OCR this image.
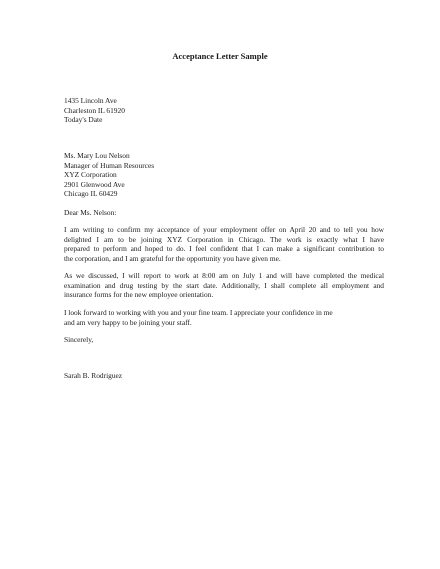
Acceptance Letter Sample
1435 Lincoln Ave
Charleston IL 61920
Today's Date
Ms. Mary Lou Nelson
Manager of Human Resources
XYZ Corporation
2901 Glenwood Ave
Chicago IL 60429
Dear Ms. Nelson:
I am writing to confirm my acceptance of your employment offer on April 20 and to tell you how
delighted I am to be joining XYZ Corporation in Chicago. The work is exactly what I have
prepared to perform and hoped to do. I feel confident that I can make a significant contribution to
the corporation, and I am grateful for the opportunity you have given me.
As we discussed, I will report to work at 8:00 am on July 1 and will have completed the medical
examination and drug testing by the start date. Additionally, I shall complete all employment and
insurance forms for the new employee orientation.
I look forward to working with you and your fine team. I appreciate your confidence in me
and am very happy to be joining your staff.
Sincerely,
Sarah B. Rodriguez
